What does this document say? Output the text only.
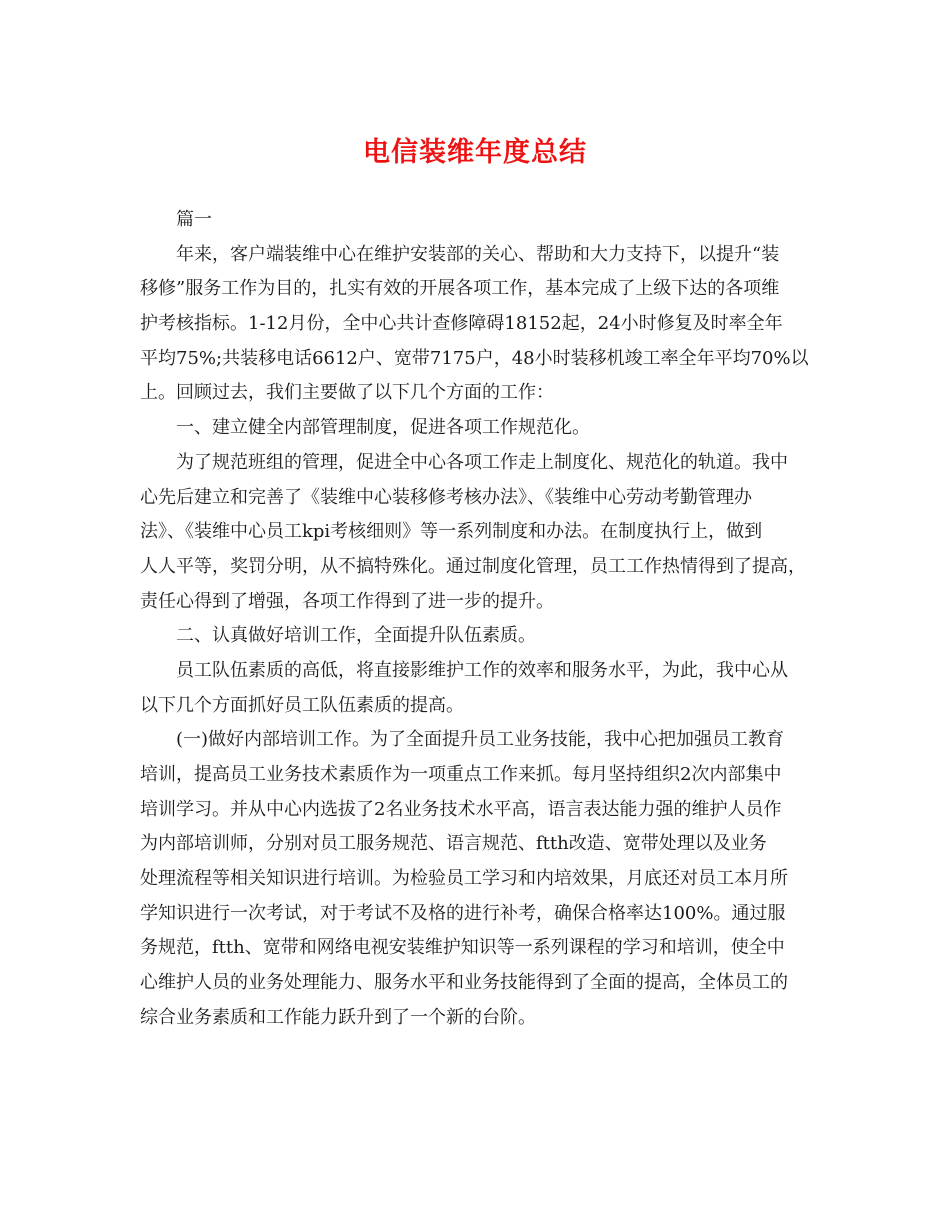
电信装维年度总结

篇一

年来，客户端装维中心在维护安装部的关心、帮助和大力支持下，以提升“装

移修”服务工作为目的，扎实有效的开展各项工作，基本完成了上级下达的各项维

护考核指标。1-12月份，全中心共计查修障碍18152起，24小时修复及时率全年

平均75%;共装移电话6612户、宽带7175户，48小时装移机竣工率全年平均70%以

上。回顾过去，我们主要做了以下几个方面的工作：

一、建立健全内部管理制度，促进各项工作规范化。

为了规范班组的管理，促进全中心各项工作走上制度化、规范化的轨道。我中

心先后建立和完善了《装维中心装移修考核办法》、《装维中心劳动考勤管理办

法》、《装维中心员工kpi考核细则》等一系列制度和办法。在制度执行上，做到

人人平等，奖罚分明，从不搞特殊化。通过制度化管理，员工工作热情得到了提高，

责任心得到了增强，各项工作得到了进一步的提升。

二、认真做好培训工作，全面提升队伍素质。

员工队伍素质的高低，将直接影维护工作的效率和服务水平，为此，我中心从

以下几个方面抓好员工队伍素质的提高。

(一)做好内部培训工作。为了全面提升员工业务技能，我中心把加强员工教育

培训，提高员工业务技术素质作为一项重点工作来抓。每月坚持组织2次内部集中

培训学习。并从中心内选拔了2名业务技术水平高，语言表达能力强的维护人员作

为内部培训师，分别对员工服务规范、语言规范、ftth改造、宽带处理以及业务

处理流程等相关知识进行培训。为检验员工学习和内培效果，月底还对员工本月所

学知识进行一次考试，对于考试不及格的进行补考，确保合格率达100%。通过服

务规范，ftth、宽带和网络电视安装维护知识等一系列课程的学习和培训，使全中

心维护人员的业务处理能力、服务水平和业务技能得到了全面的提高，全体员工的

综合业务素质和工作能力跃升到了一个新的台阶。
